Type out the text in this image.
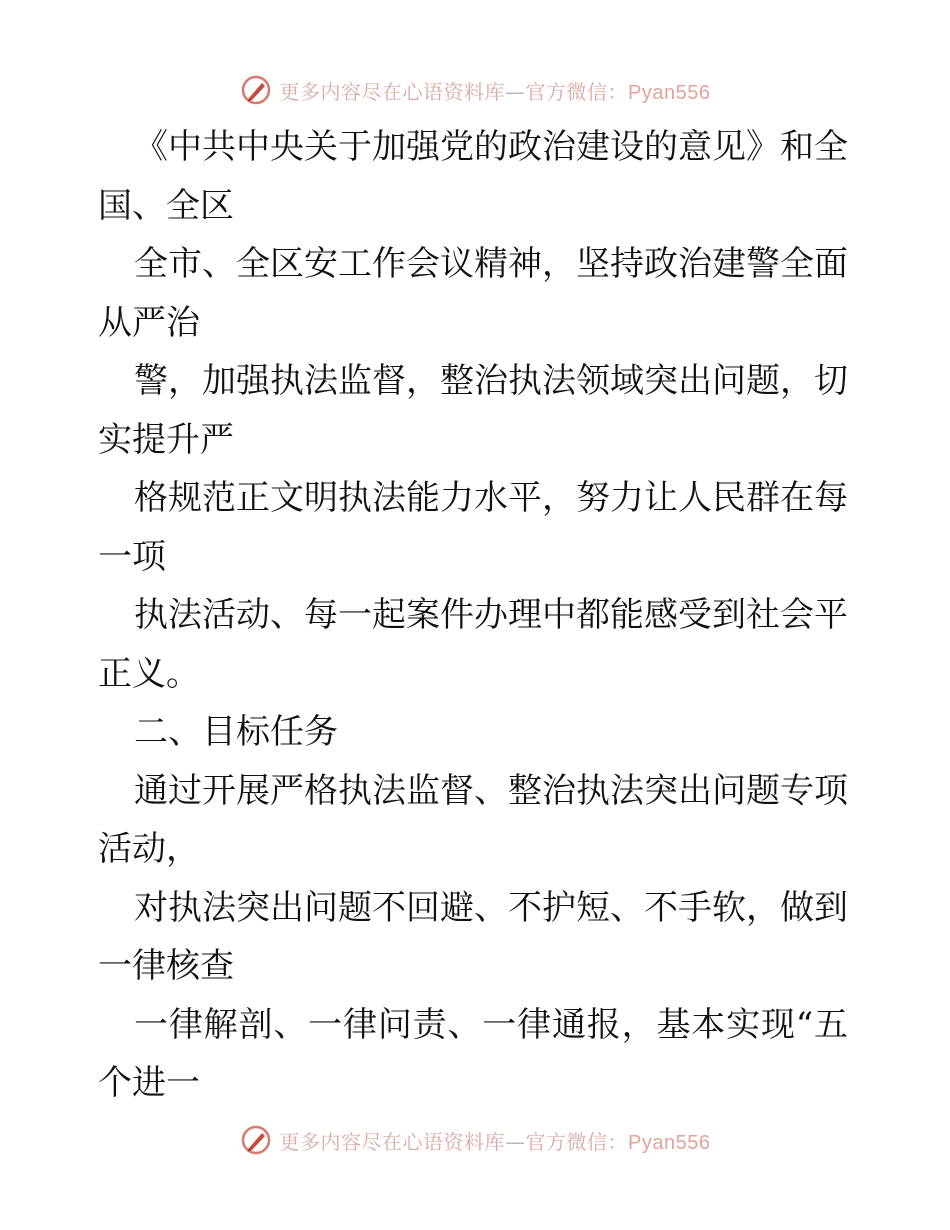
更多内容尽在心语资料库—官方微信：Pyan556
《中共中央关于加强党的政治建设的意见》和全
国、全区
全市、全区安工作会议精神，坚持政治建警全面
从严治
警，加强执法监督，整治执法领域突出问题，切
实提升严
格规范正文明执法能力水平，努力让人民群在每
一项
执法活动、每一起案件办理中都能感受到社会平
正义。
二、目标任务
通过开展严格执法监督、整治执法突出问题专项
活动，
对执法突出问题不回避、不护短、不手软，做到
一律核查
一律解剖、一律问责、一律通报，基本实现“五
个进一
更多内容尽在心语资料库—官方微信：Pyan556
